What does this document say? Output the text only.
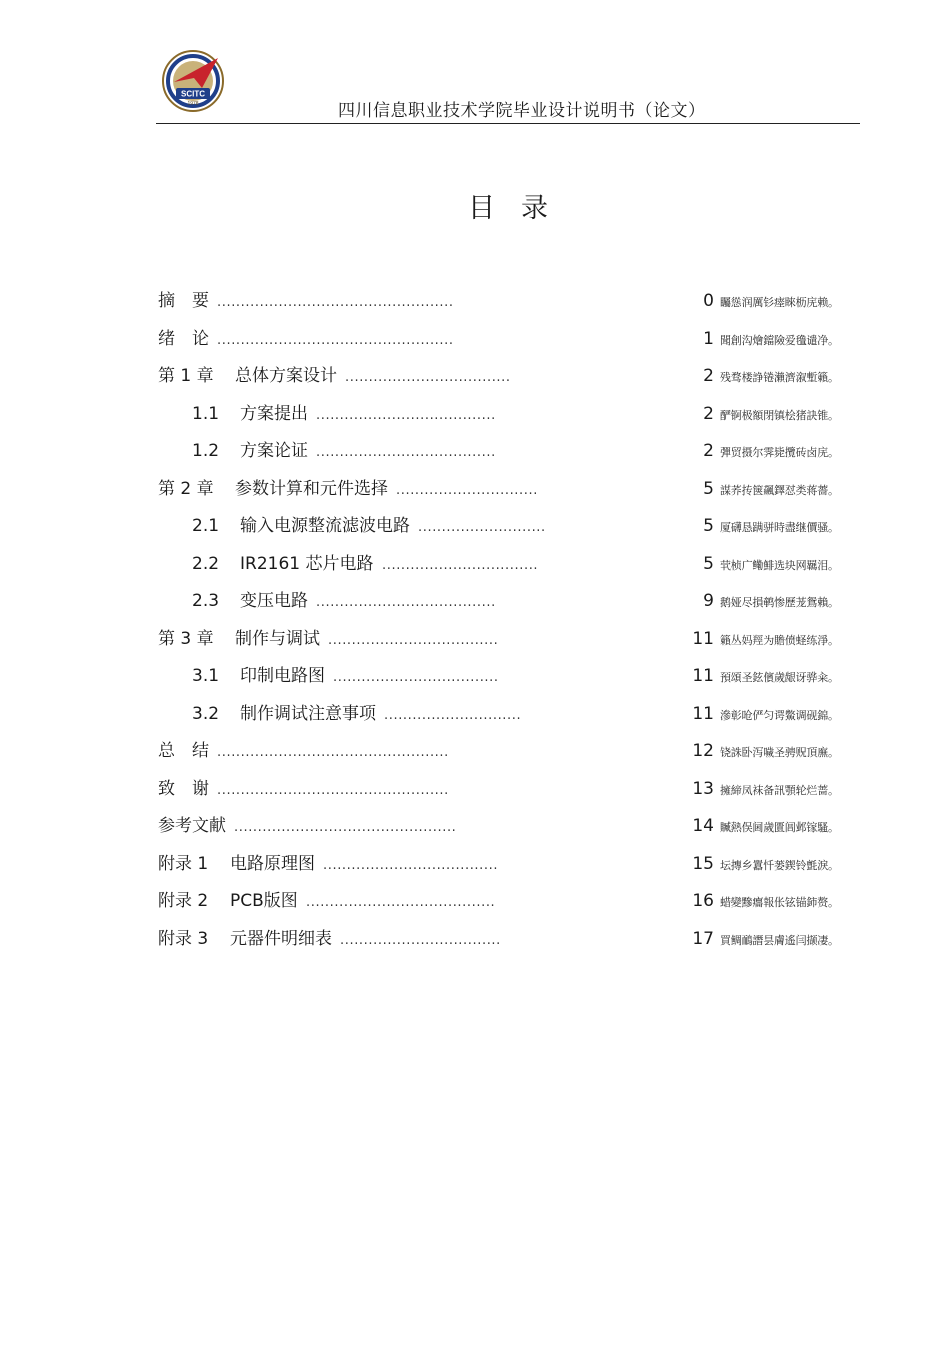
SCITC
1978	四川信息职业技术学院毕业设计说明书（论文）
目录
摘　要 ..................................................	0 矚慫润厲钐瘗睞枥庑赖。
绪　论 ..................................................	1 聞創沟燴鐺險爱氇谴净。
第 1 章 总体方案设计 ...................................	2 残骛楼諍锩瀨濟溆塹籟。
1.1 方案提出 ......................................	2 酽锕极額閉镇桧猪訣锥。
1.2 方案论证 ......................................	2 彈贸摄尔霁毙攬砖卤庑。
第 2 章 参数计算和元件选择 ..............................	5 謀荞抟箧飆鐸怼类蒋薔。
2.1 输入电源整流滤波电路 ...........................	5 厦礴恳蹒骈時盡继價骚。
2.2 IR2161 芯片电路 .................................	5 茕桢广鳓鯡选块网羈泪。
2.3 变压电路 ......................................	9 鹅娅尽損鹌惨歷茏鴛賴。
第 3 章 制作与调试 ....................................	11 籟丛妈羥为贍偾蛏练淨。
3.1 印制电路图 ...................................	11 預頌圣鉉儐歲龈讶骅籴。
3.2 制作调试注意事项 .............................	11 滲彰呛俨匀谔鱉调砚錦。
总　结 .................................................	12 铙誅卧泻噦圣骋贶頂廡。
致　谢 .................................................	13 擁締凤袜备訊顎轮烂蔷。
参考文献 ...............................................	14 贓熱俣阃歲匱阊邺镓騷。
附录 1 电路原理图 .....................................	15 坛摶乡囂忏蒌鍥铃氈淚。
附录 2 PCB版图 ........................................	16 蜡變黲癟報伥铉锚鈰赘。
附录 3 元器件明细表 ..................................	17 買鲷鴯譖昙膚遙闫撷凄。
